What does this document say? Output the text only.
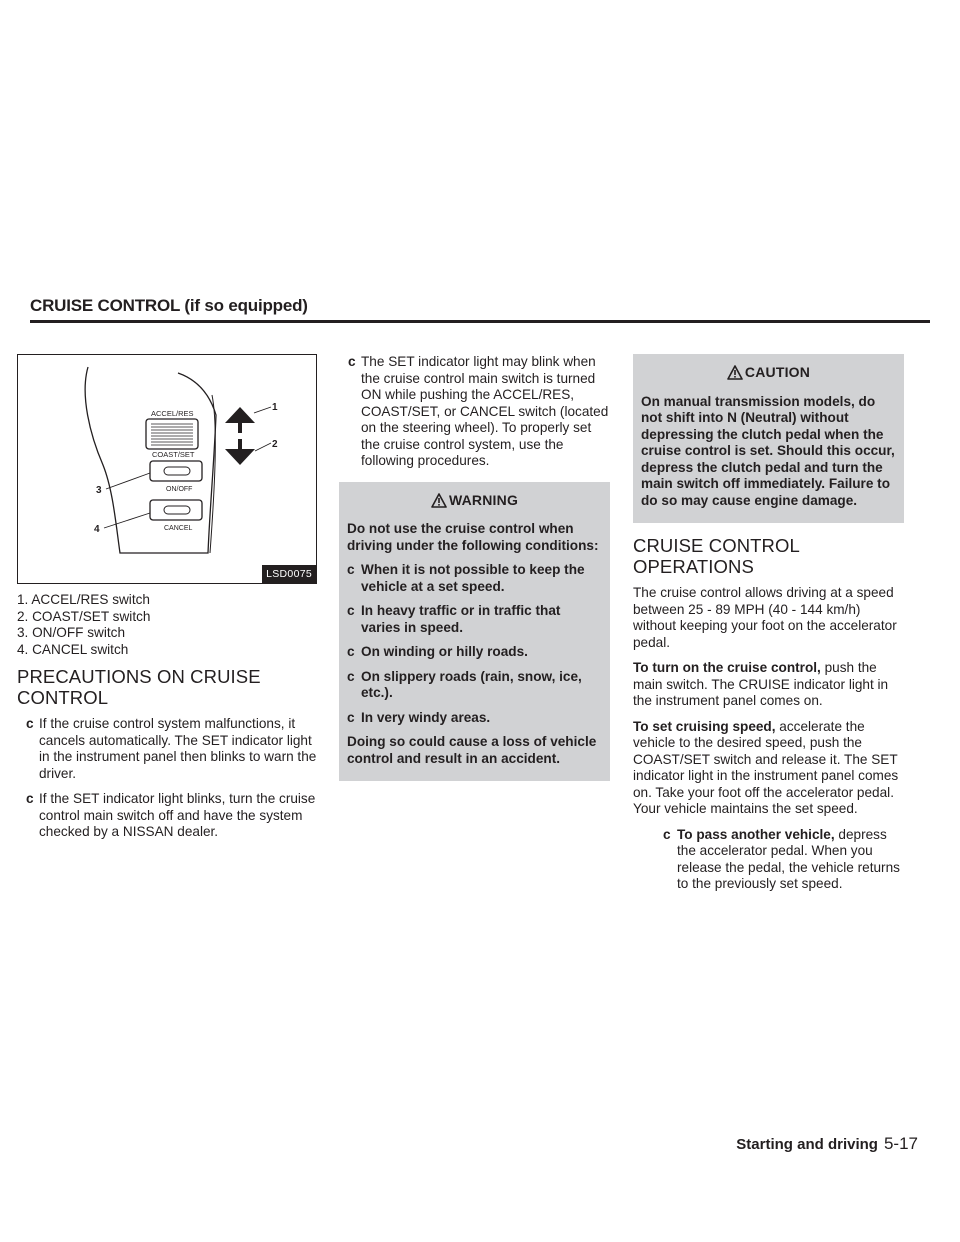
CRUISE CONTROL (if so equipped)
ACCEL/RES
COAST/SET
ON/OFF
CANCEL
1
2
3
4
LSD0075
1. ACCEL/RES switch
2. COAST/SET switch
3. ON/OFF switch
4. CANCEL switch
PRECAUTIONS ON CRUISE CONTROL
c If the cruise control system malfunctions, it cancels automatically. The SET indicator light in the instrument panel then blinks to warn the driver.
c If the SET indicator light blinks, turn the cruise control main switch off and have the system checked by a NISSAN dealer.
c The SET indicator light may blink when the cruise control main switch is turned ON while pushing the ACCEL/RES, COAST/SET, or CANCEL switch (located on the steering wheel). To properly set the cruise control system, use the following procedures.
WARNING

Do not use the cruise control when driving under the following conditions:

c When it is not possible to keep the vehicle at a set speed.
c In heavy traffic or in traffic that varies in speed.
c On winding or hilly roads.
c On slippery roads (rain, snow, ice, etc.).
c In very windy areas.

Doing so could cause a loss of vehicle control and result in an accident.

CAUTION

On manual transmission models, do not shift into N (Neutral) without depressing the clutch pedal when the cruise control is set. Should this occur, depress the clutch pedal and turn the main switch off immediately. Failure to do so may cause engine damage.

CRUISE CONTROL OPERATIONS

The cruise control allows driving at a speed between 25 - 89 MPH (40 - 144 km/h) without keeping your foot on the accelerator pedal.

To turn on the cruise control, push the main switch. The CRUISE indicator light in the instrument panel comes on.

To set cruising speed, accelerate the vehicle to the desired speed, push the COAST/SET switch and release it. The SET indicator light in the instrument panel comes on. Take your foot off the accelerator pedal. Your vehicle maintains the set speed.

c To pass another vehicle, depress the accelerator pedal. When you release the pedal, the vehicle returns to the previously set speed.
Starting and driving 5-17
